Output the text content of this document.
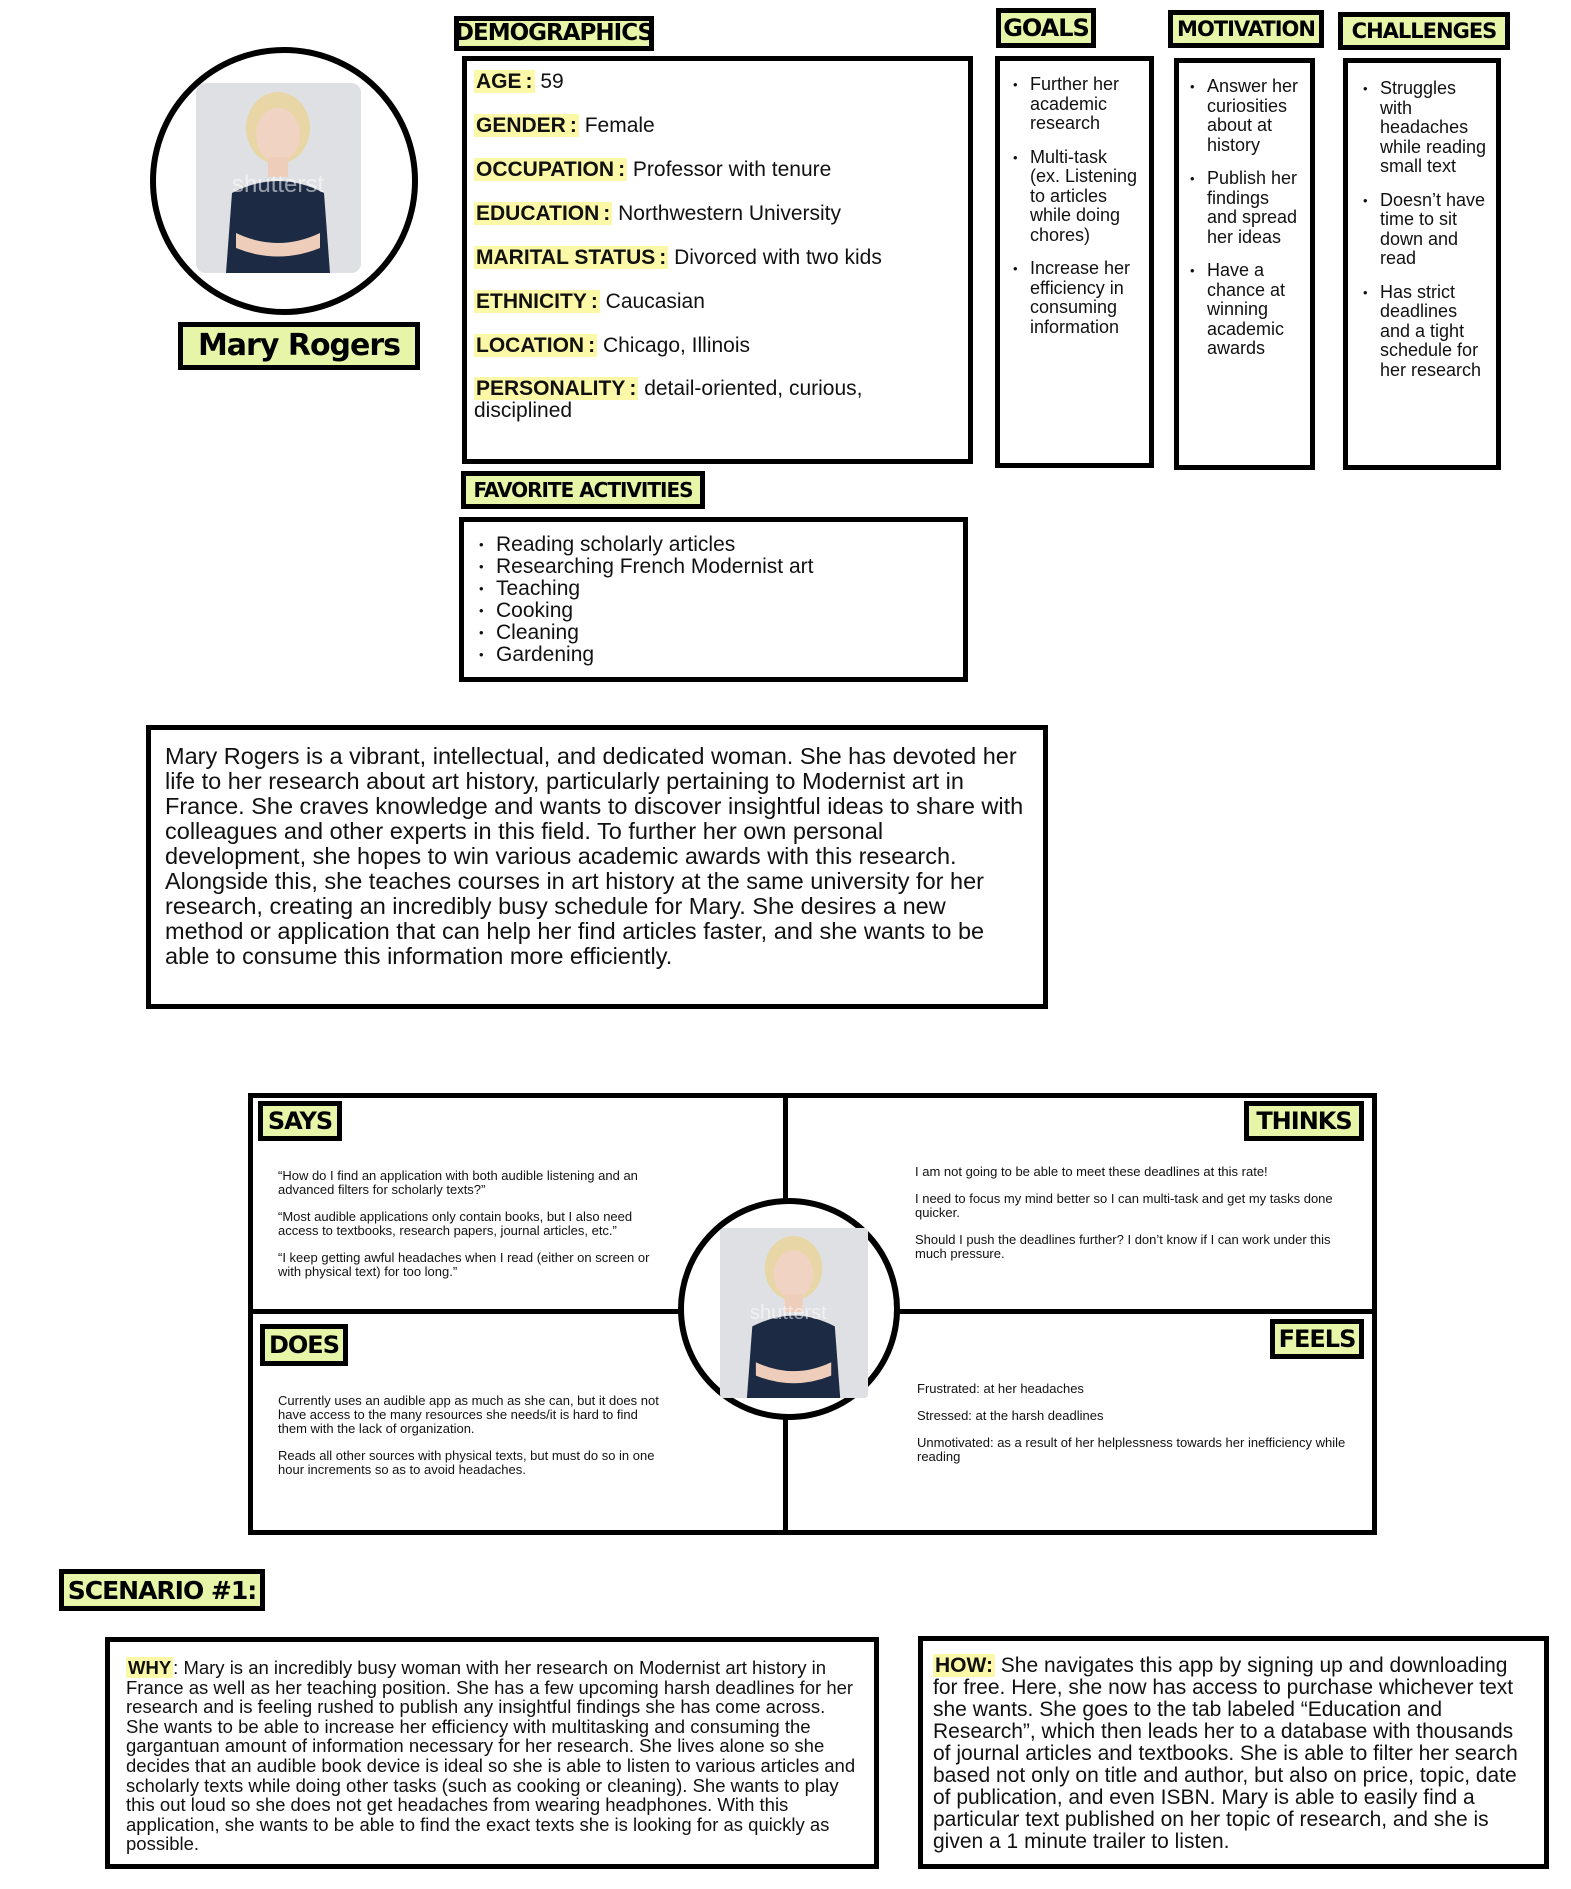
shutterst
Mary Rogers
DEMOGRAPHICS
AGE : 59
GENDER : Female
OCCUPATION : Professor with tenure
EDUCATION : Northwestern University
MARITAL STATUS : Divorced with two kids
ETHNICITY : Caucasian
LOCATION : Chicago, Illinois
PERSONALITY : detail-oriented, curious,
disciplined
GOALS
• Further her academic research
• Multi-task (ex. Listening to articles while doing chores)
• Increase her efficiency in consuming information
MOTIVATION
• Answer her curiosities about at history
• Publish her findings and spread her ideas
• Have a chance at winning academic awards
CHALLENGES
• Struggles with headaches while reading small text
• Doesn’t have time to sit down and read
• Has strict deadlines and a tight schedule for her research
FAVORITE ACTIVITIES
• Reading scholarly articles
• Researching French Modernist art
• Teaching
• Cooking
• Cleaning
• Gardening

Mary Rogers is a vibrant, intellectual, and dedicated woman. She has devoted her life to her research about art history, particularly pertaining to Modernist art in France. She craves knowledge and wants to discover insightful ideas to share with colleagues and other experts in this field. To further her own personal development, she hopes to win various academic awards with this research. Alongside this, she teaches courses in art history at the same university for her research, creating an incredibly busy schedule for Mary. She desires a new method or application that can help her find articles faster, and she wants to be able to consume this information more efficiently.

SAYS

“How do I find an application with both audible listening and an advanced filters for scholarly texts?”

“Most audible applications only contain books, but I also need access to textbooks, research papers, journal articles, etc.”

“I keep getting awful headaches when I read (either on screen or with physical text) for too long.”

THINKS

I am not going to be able to meet these deadlines at this rate!

I need to focus my mind better so I can multi-task and get my tasks done quicker.

Should I push the deadlines further? I don’t know if I can work under this much pressure.

DOES

Currently uses an audible app as much as she can, but it does not have access to the many resources she needs/it is hard to find them with the lack of organization.

Reads all other sources with physical texts, but must do so in one hour increments so as to avoid headaches.

FEELS

Frustrated: at her headaches

Stressed: at the harsh deadlines

Unmotivated: as a result of her helplessness towards her inefficiency while reading

shutterst
SCENARIO #1:

WHY : Mary is an incredibly busy woman with her research on Modernist art history in France as well as her teaching position. She has a few upcoming harsh deadlines for her research and is feeling rushed to publish any insightful findings she has come across. She wants to be able to increase her efficiency with multitasking and consuming the gargantuan amount of information necessary for her research. She lives alone so she decides that an audible book device is ideal so she is able to listen to various articles and scholarly texts while doing other tasks (such as cooking or cleaning). She wants to play this out loud so she does not get headaches from wearing headphones. With this application, she wants to be able to find the exact texts she is looking for as quickly as possible.

HOW: She navigates this app by signing up and downloading for free. Here, she now has access to purchase whichever text she wants. She goes to the tab labeled “Education and Research”, which then leads her to a database with thousands of journal articles and textbooks. She is able to filter her search based not only on title and author, but also on price, topic, date of publication, and even ISBN. Mary is able to easily find a particular text published on her topic of research, and she is given a 1 minute trailer to listen.
